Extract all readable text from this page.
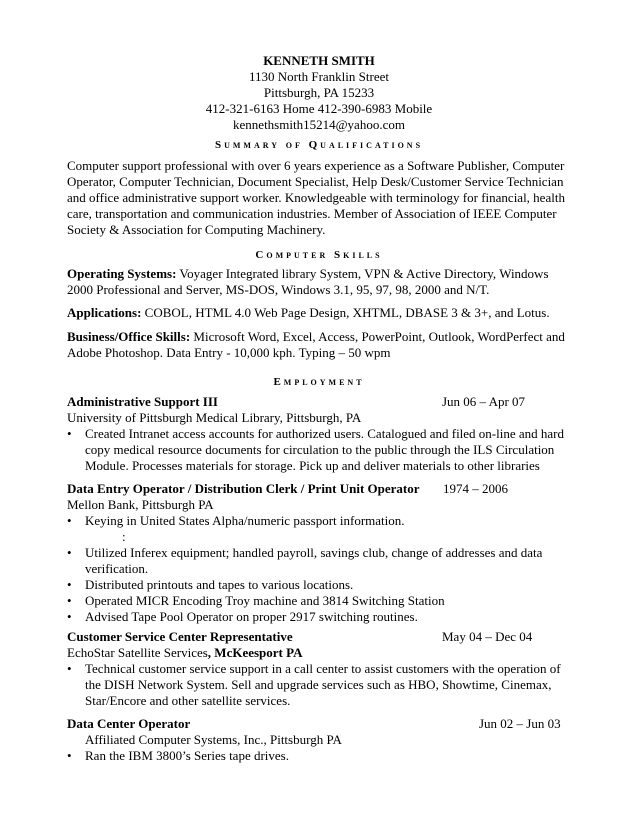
KENNETH SMITH
1130 North Franklin Street
Pittsburgh, PA 15233
412-321-6163 Home 412-390-6983 Mobile
kennethsmith15214@yahoo.com
Summary of Qualifications
Computer support professional with over 6 years experience as a Software Publisher, Computer Operator, Computer Technician, Document Specialist, Help Desk/Customer Service Technician and office administrative support worker. Knowledgeable with terminology for financial, health care, transportation and communication industries. Member of Association of IEEE Computer Society & Association for Computing Machinery.
Computer Skills
Operating Systems: Voyager Integrated library System, VPN & Active Directory, Windows 2000 Professional and Server, MS-DOS, Windows 3.1, 95, 97, 98, 2000 and N/T.
Applications: COBOL, HTML 4.0 Web Page Design, XHTML, DBASE 3 & 3+, and Lotus.
Business/Office Skills: Microsoft Word, Excel, Access, PowerPoint, Outlook, WordPerfect and Adobe Photoshop. Data Entry - 10,000 kph. Typing – 50 wpm
Employment
Administrative Support III	Jun 06 – Apr 07
University of Pittsburgh Medical Library, Pittsburgh, PA
• Created Intranet access accounts for authorized users. Catalogued and filed on-line and hard copy medical resource documents for circulation to the public through the ILS Circulation Module. Processes materials for storage. Pick up and deliver materials to other libraries
Data Entry Operator / Distribution Clerk / Print Unit Operator 1974 – 2006
Mellon Bank, Pittsburgh PA
• Keying in United States Alpha/numeric passport information.
:
• Utilized Inferex equipment; handled payroll, savings club, change of addresses and data verification.
• Distributed printouts and tapes to various locations.
• Operated MICR Encoding Troy machine and 3814 Switching Station
• Advised Tape Pool Operator on proper 2917 switching routines.
Customer Service Center Representative	May 04 – Dec 04
EchoStar Satellite Services, McKeesport PA
• Technical customer service support in a call center to assist customers with the operation of the DISH Network System. Sell and upgrade services such as HBO, Showtime, Cinemax, Star/Encore and other satellite services.
Data Center Operator	Jun 02 – Jun 03
Affiliated Computer Systems, Inc., Pittsburgh PA
• Ran the IBM 3800’s Series tape drives.
